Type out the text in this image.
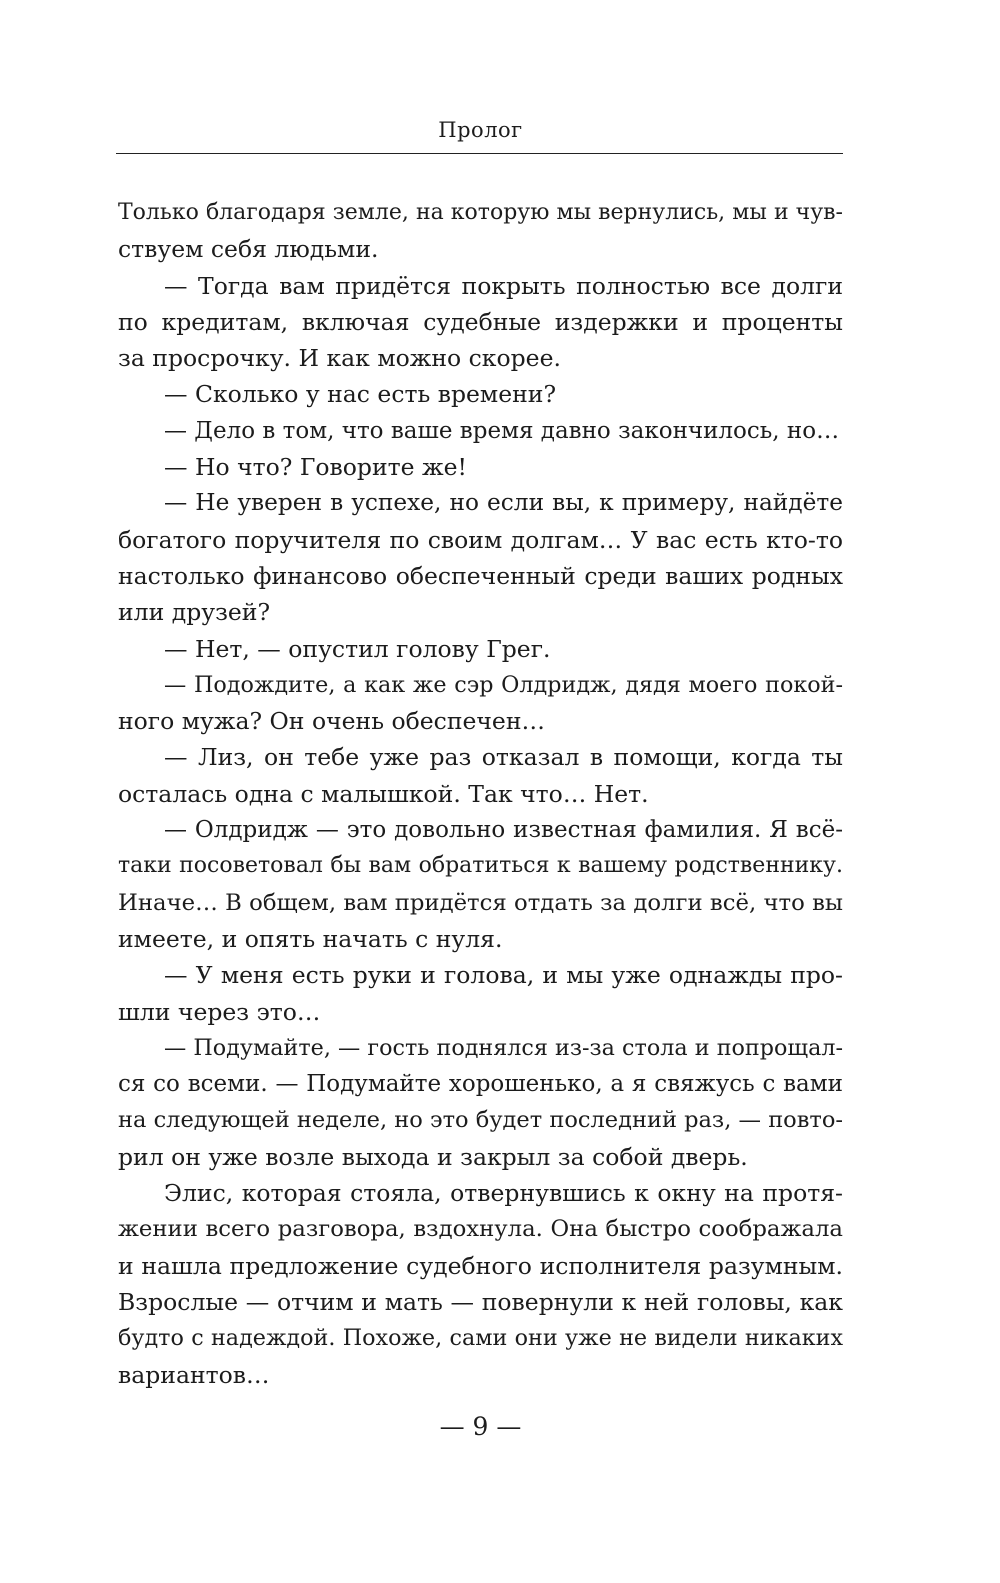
Пролог
Только благодаря земле, на которую мы вернулись, мы и чув-
ствуем себя людьми.
— Тогда вам придётся покрыть полностью все долги
по кредитам, включая судебные издержки и проценты
за просрочку. И как можно скорее.
— Сколько у нас есть времени?
— Дело в том, что ваше время давно закончилось, но…
— Но что? Говорите же!
— Не уверен в успехе, но если вы, к примеру, найдёте
богатого поручителя по своим долгам… У вас есть кто-то
настолько финансово обеспеченный среди ваших родных
или друзей?
— Нет, — опустил голову Грег.
— Подождите, а как же сэр Олдридж, дядя моего покой-
ного мужа? Он очень обеспечен…
— Лиз, он тебе уже раз отказал в помощи, когда ты
осталась одна с малышкой. Так что… Нет.
— Олдридж — это довольно известная фамилия. Я всё-
таки посоветовал бы вам обратиться к вашему родственнику.
Иначе… В общем, вам придётся отдать за долги всё, что вы
имеете, и опять начать с нуля.
— У меня есть руки и голова, и мы уже однажды про-
шли через это…
— Подумайте, — гость поднялся из-за стола и попрощал-
ся со всеми. — Подумайте хорошенько, а я свяжусь с вами
на следующей неделе, но это будет последний раз, — повто-
рил он уже возле выхода и закрыл за собой дверь.
Элис, которая стояла, отвернувшись к окну на протя-
жении всего разговора, вздохнула. Она быстро соображала
и нашла предложение судебного исполнителя разумным.
Взрослые — отчим и мать — повернули к ней головы, как
будто с надеждой. Похоже, сами они уже не видели никаких
вариантов…
— 9 —
